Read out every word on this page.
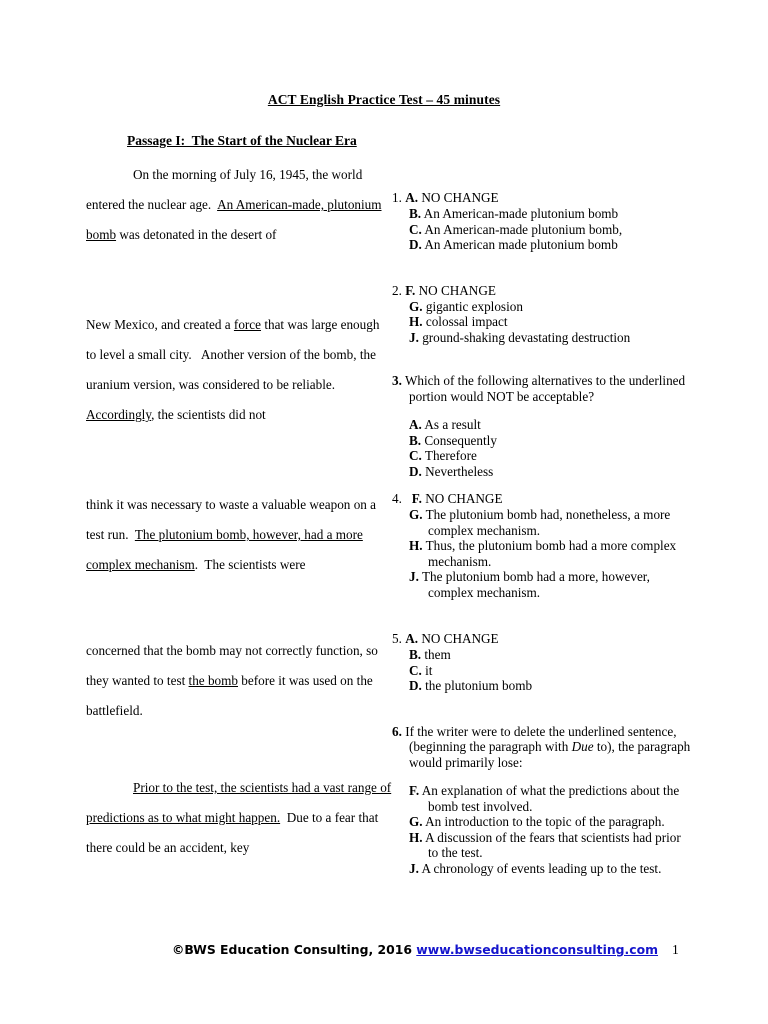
ACT English Practice Test – 45 minutes
Passage I:  The Start of the Nuclear Era
On the morning of July 16, 1945, the world
entered the nuclear age.  An American-made, plutonium
bomb was detonated in the desert of
New Mexico, and created a force that was large enough
to level a small city.   Another version of the bomb, the
uranium version, was considered to be reliable.
Accordingly, the scientists did not
think it was necessary to waste a valuable weapon on a
test run.  The plutonium bomb, however, had a more
complex mechanism.  The scientists were
concerned that the bomb may not correctly function, so
they wanted to test the bomb before it was used on the
battlefield.
Prior to the test, the scientists had a vast range of
predictions as to what might happen.  Due to a fear that
there could be an accident, key
1. A. NO CHANGE
B. An American-made plutonium bomb
C. An American-made plutonium bomb,
D. An American made plutonium bomb
2. F. NO CHANGE
G. gigantic explosion
H. colossal impact
J. ground-shaking devastating destruction
3. Which of the following alternatives to the underlined portion would NOT be acceptable?
A. As a result
B. Consequently
C. Therefore
D. Nevertheless
4. F. NO CHANGE
G. The plutonium bomb had, nonetheless, a more complex mechanism.
H. Thus, the plutonium bomb had a more complex mechanism.
J. The plutonium bomb had a more, however, complex mechanism.
5. A. NO CHANGE
B. them
C. it
D. the plutonium bomb
6. If the writer were to delete the underlined sentence, (beginning the paragraph with Due to), the paragraph would primarily lose:
F. An explanation of what the predictions about the bomb test involved.
G. An introduction to the topic of the paragraph.
H. A discussion of the fears that scientists had prior to the test.
J. A chronology of events leading up to the test.
©BWS Education Consulting, 2016 www.bwseducationconsulting.com 1
